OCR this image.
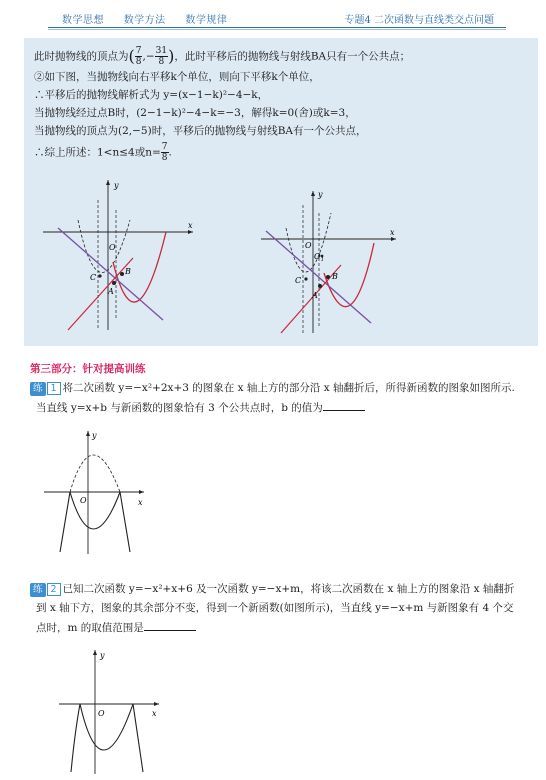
数学思想 数学方法 数学规律	专题4 二次函数与直线类交点问题
此时抛物线的顶点为( $\frac{7}{8}$ ,− $\frac{31}{8}$ )，此时平移后的抛物线与射线BA只有一个公共点；
②如下图，当抛物线向右平移k个单位，则向下平移k个单位，
∴平移后的抛物线解析式为 y=(x−1−k)²−4−k，
当抛物线经过点B时，(2−1−k)²−4−k=−3，解得k=0(舍)或k=3，
当抛物线的顶点为(2,−5)时，平移后的抛物线与射线BA有一个公共点，
∴综上所述：1<n≤4或$n= \frac{7}{8}$ .
y
x
O
B
A
C
y
x
O
$O_1$
B
A
C
第三部分：针对提高训练
练 1 将二次函数 y=−x²+2x+3 的图象在 x 轴上方的部分沿 x 轴翻折后，所得新函数的图象如图所示.
当直线 y=x+b 与新函数的图象恰有 3 个公共点时，b 的值为
y
x
O
练 2 已知二次函数 y=−x²+x+6 及一次函数 y=−x+m，将该二次函数在 x 轴上方的图象沿 x 轴翻折
到 x 轴下方，图象的其余部分不变，得到一个新函数(如图所示)，当直线 y=−x+m 与新图象有 4 个交
点时，m 的取值范围是
y
x
O
